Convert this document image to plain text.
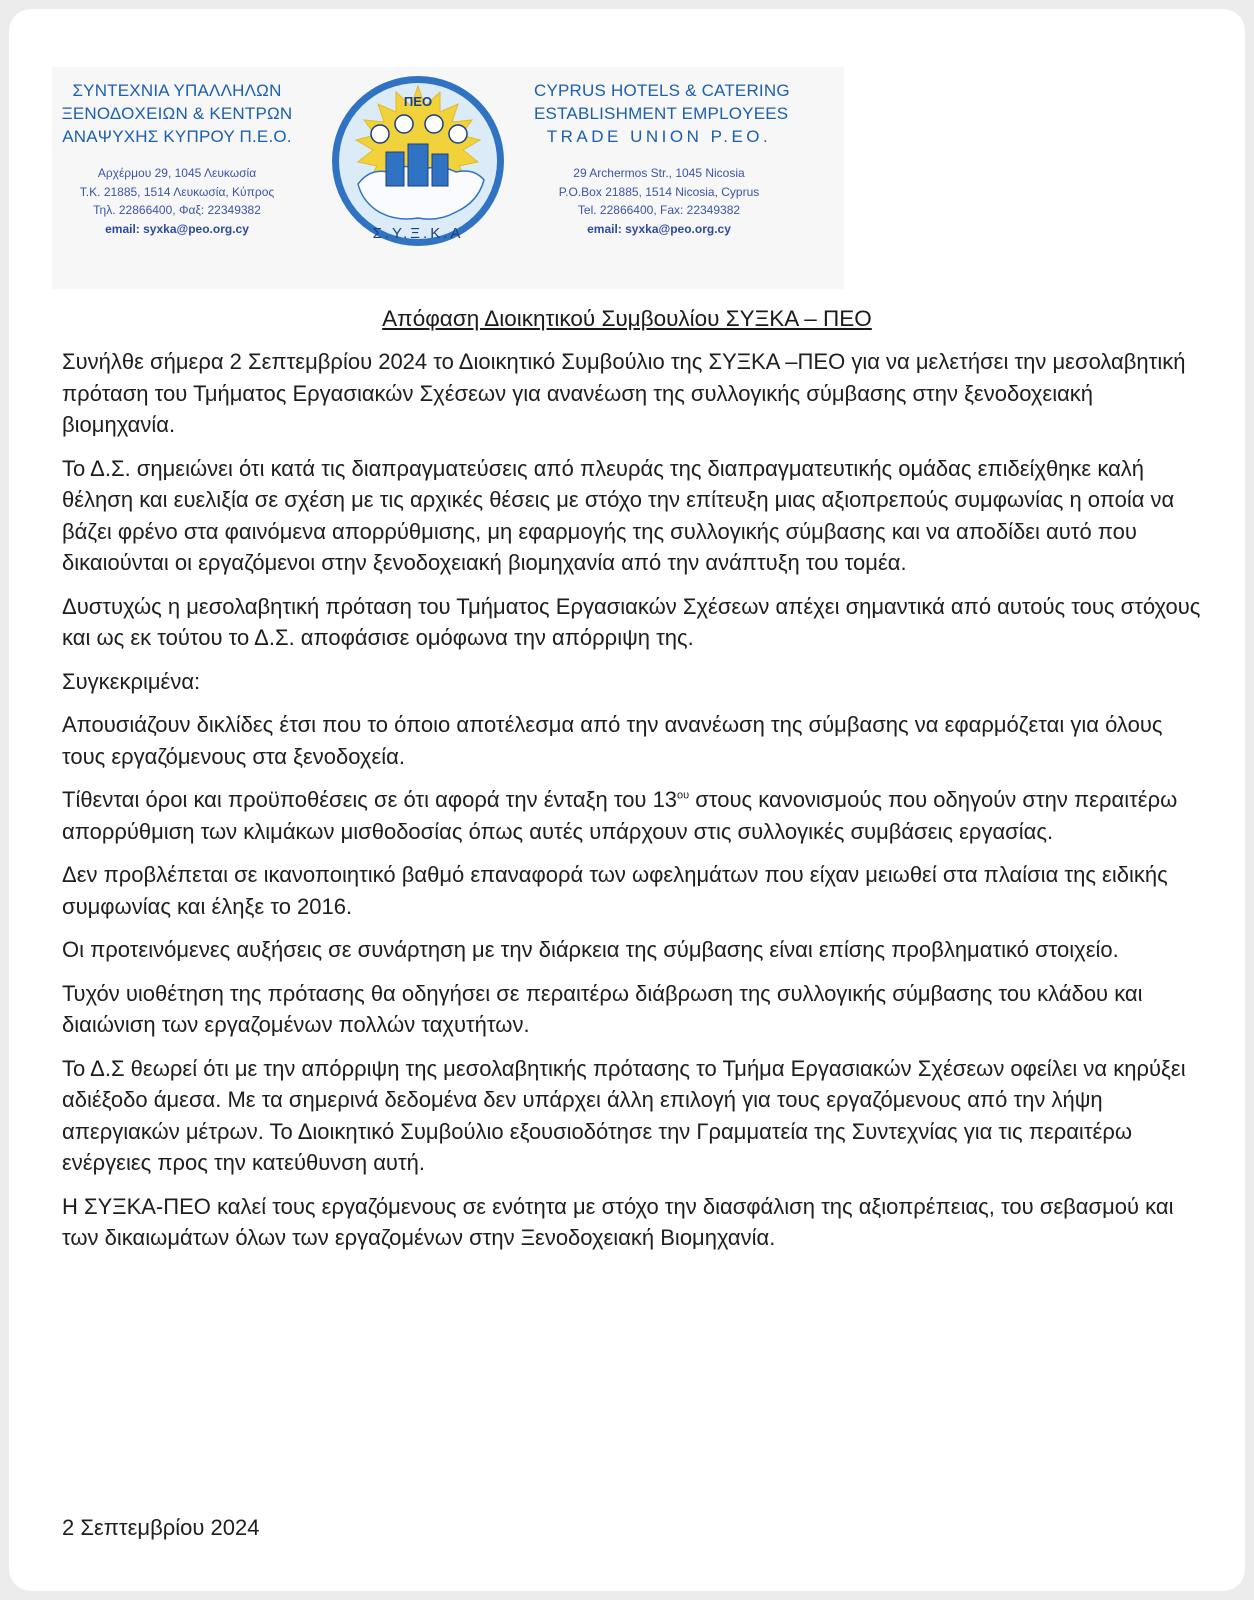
ΣΥΝΤΕΧΝΙΑ ΥΠΑΛΛΗΛΩΝ
ΞΕΝΟΔΟΧΕΙΩΝ & ΚΕΝΤΡΩΝ
ΑΝΑΨΥΧΗΣ ΚΥΠΡΟΥ Π.Ε.Ο.
Αρχέρμου 29, 1045 Λευκωσία
Τ.Κ. 21885, 1514 Λευκωσία, Κύπρος
Τηλ. 22866400, Φαξ: 22349382
email: syxka@peo.org.cy
ΠΕΟ
Σ.Υ.Ξ.Κ.Α
CYPRUS HOTELS & CATERING
ESTABLISHMENT EMPLOYEES
TRADE UNION P.EO.
29 Archermos Str., 1045 Nicosia
P.O.Box 21885, 1514 Nicosia, Cyprus
Tel. 22866400, Fax: 22349382
email: syxka@peo.org.cy
Απόφαση Διοικητικού Συμβουλίου ΣΥΞΚΑ – ΠΕΟ

Συνήλθε σήμερα 2 Σεπτεμβρίου 2024 το Διοικητικό Συμβούλιο της ΣΥΞΚΑ –ΠΕΟ για να μελετήσει την μεσολαβητική πρόταση του Τμήματος Εργασιακών Σχέσεων για ανανέωση της συλλογικής σύμβασης στην ξενοδοχειακή βιομηχανία.

Το Δ.Σ. σημειώνει ότι κατά τις διαπραγματεύσεις από πλευράς της διαπραγματευτικής ομάδας επιδείχθηκε καλή θέληση και ευελιξία σε σχέση με τις αρχικές θέσεις με στόχο την επίτευξη μιας αξιοπρεπούς συμφωνίας η οποία να βάζει φρένο στα φαινόμενα απορρύθμισης, μη εφαρμογής της συλλογικής σύμβασης και να αποδίδει αυτό που δικαιούνται οι εργαζόμενοι στην ξενοδοχειακή βιομηχανία από την ανάπτυξη του τομέα.

Δυστυχώς η μεσολαβητική πρόταση του Τμήματος Εργασιακών Σχέσεων απέχει σημαντικά από αυτούς τους στόχους και ως εκ τούτου το Δ.Σ. αποφάσισε ομόφωνα την απόρριψη της.

Συγκεκριμένα:

Απουσιάζουν δικλίδες έτσι που το όποιο αποτέλεσμα από την ανανέωση της σύμβασης να εφαρμόζεται για όλους τους εργαζόμενους στα ξενοδοχεία.

Τίθενται όροι και προϋποθέσεις σε ότι αφορά την ένταξη του $13^{o\upsilon}$ στους κανονισμούς που οδηγούν στην περαιτέρω απορρύθμιση των κλιμάκων μισθοδοσίας όπως αυτές υπάρχουν στις συλλογικές συμβάσεις εργασίας.

Δεν προβλέπεται σε ικανοποιητικό βαθμό επαναφορά των ωφελημάτων που είχαν μειωθεί στα πλαίσια της ειδικής συμφωνίας και έληξε το 2016.

Οι προτεινόμενες αυξήσεις σε συνάρτηση με την διάρκεια της σύμβασης είναι επίσης προβληματικό στοιχείο.

Τυχόν υιοθέτηση της πρότασης θα οδηγήσει σε περαιτέρω διάβρωση της συλλογικής σύμβασης του κλάδου και διαιώνιση των εργαζομένων πολλών ταχυτήτων.

Το Δ.Σ θεωρεί ότι με την απόρριψη της μεσολαβητικής πρότασης το Τμήμα Εργασιακών Σχέσεων οφείλει να κηρύξει αδιέξοδο άμεσα. Με τα σημερινά δεδομένα δεν υπάρχει άλλη επιλογή για τους εργαζόμενους από την λήψη απεργιακών μέτρων. Το Διοικητικό Συμβούλιο εξουσιοδότησε την Γραμματεία της Συντεχνίας για τις περαιτέρω ενέργειες προς την κατεύθυνση αυτή.

Η ΣΥΞΚΑ-ΠΕΟ καλεί τους εργαζόμενους σε ενότητα με στόχο την διασφάλιση της αξιοπρέπειας, του σεβασμού και των δικαιωμάτων όλων των εργαζομένων στην Ξενοδοχειακή Βιομηχανία.

2 Σεπτεμβρίου 2024
